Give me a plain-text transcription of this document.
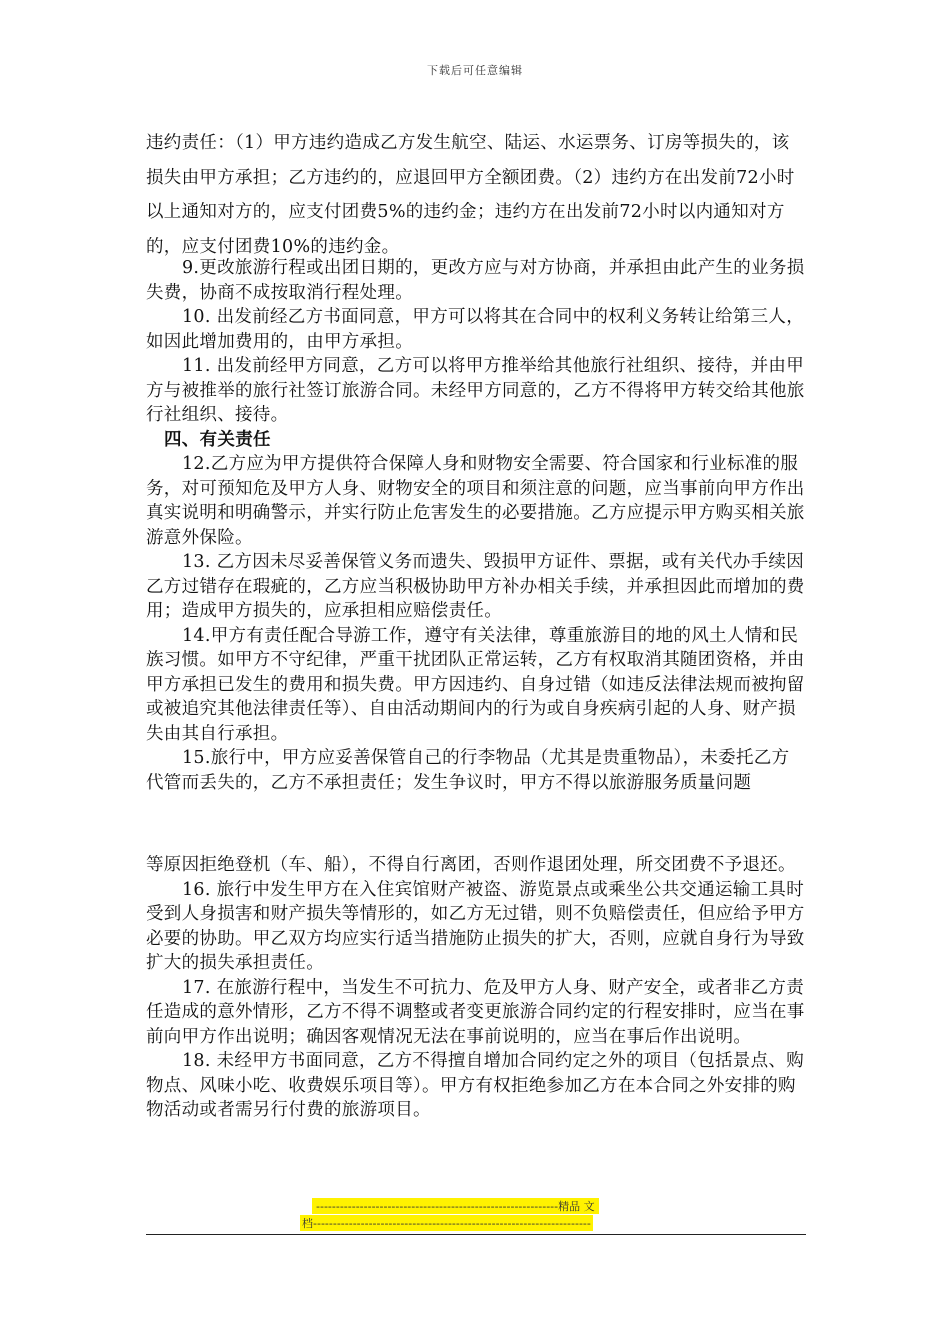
下载后可任意编辑

违约责任：（1）甲方违约造成乙方发生航空、陆运、水运票务、订房等损失的，该损失由甲方承担；乙方违约的，应退回甲方全额团费。（2）违约方在出发前72小时以上通知对方的，应支付团费5%的违约金；违约方在出发前72小时以内通知对方的，应支付团费10%的违约金。

9.更改旅游行程或出团日期的，更改方应与对方协商，并承担由此产生的业务损失费，协商不成按取消行程处理。

10. 出发前经乙方书面同意，甲方可以将其在合同中的权利义务转让给第三人，如因此增加费用的，由甲方承担。

11. 出发前经甲方同意，乙方可以将甲方推举给其他旅行社组织、接待，并由甲方与被推举的旅行社签订旅游合同。未经甲方同意的，乙方不得将甲方转交给其他旅行社组织、接待。

四、有关责任

12.乙方应为甲方提供符合保障人身和财物安全需要、符合国家和行业标准的服务，对可预知危及甲方人身、财物安全的项目和须注意的问题，应当事前向甲方作出真实说明和明确警示，并实行防止危害发生的必要措施。乙方应提示甲方购买相关旅游意外保险。

13. 乙方因未尽妥善保管义务而遗失、毁损甲方证件、票据，或有关代办手续因乙方过错存在瑕疵的，乙方应当积极协助甲方补办相关手续，并承担因此而增加的费用；造成甲方损失的，应承担相应赔偿责任。

14.甲方有责任配合导游工作，遵守有关法律，尊重旅游目的地的风土人情和民族习惯。如甲方不守纪律，严重干扰团队正常运转，乙方有权取消其随团资格，并由甲方承担已发生的费用和损失费。甲方因违约、自身过错（如违反法律法规而被拘留或被追究其他法律责任等）、自由活动期间内的行为或自身疾病引起的人身、财产损失由其自行承担。

15.旅行中，甲方应妥善保管自己的行李物品（尤其是贵重物品），未委托乙方代管而丢失的，乙方不承担责任；发生争议时，甲方不得以旅游服务质量问题

等原因拒绝登机（车、船），不得自行离团，否则作退团处理，所交团费不予退还。

16. 旅行中发生甲方在入住宾馆财产被盗、游览景点或乘坐公共交通运输工具时受到人身损害和财产损失等情形的，如乙方无过错，则不负赔偿责任，但应给予甲方必要的协助。甲乙双方均应实行适当措施防止损失的扩大，否则，应就自身行为导致扩大的损失承担责任。

17. 在旅游行程中，当发生不可抗力、危及甲方人身、财产安全，或者非乙方责任造成的意外情形，乙方不得不调整或者变更旅游合同约定的行程安排时，应当在事前向甲方作出说明；确因客观情况无法在事前说明的，应当在事后作出说明。

18. 未经甲方书面同意，乙方不得擅自增加合同约定之外的项目（包括景点、购物点、风味小吃、收费娱乐项目等）。甲方有权拒绝参加乙方在本合同之外安排的购物活动或者需另行付费的旅游项目。

-------------------------------------------------------------精品 文
档----------------------------------------------------------------------
